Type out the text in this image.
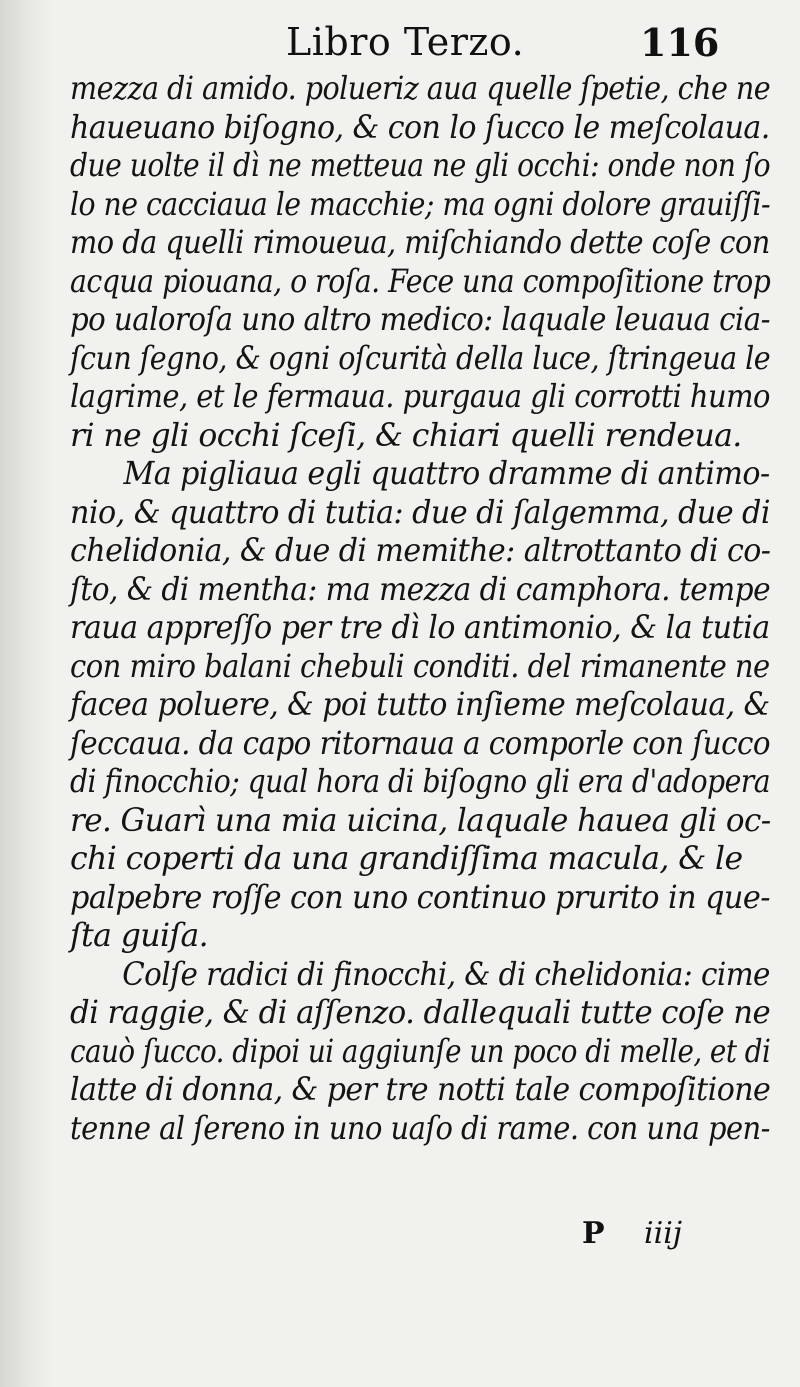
Libro Terzo.	116
mezza di amido. polueriz aua quelle ſpetie, che ne
haueuano biſogno, & con lo ſucco le meſcolaua.
due uolte il dì ne metteua ne gli occhi: onde non ſo
lo ne cacciaua le macchie; ma ogni dolore grauiſſi-
mo da quelli rimoueua, miſchiando dette coſe con
acqua piouana, o roſa. Fece una compoſitione trop
po ualoroſa uno altro medico: laquale leuaua cia-
ſcun ſegno, & ogni oſcurità della luce, ſtringeua le
lagrime, et le fermaua. purgaua gli corrotti humo
ri ne gli occhi ſceſi, & chiari quelli rendeua.
Ma pigliaua egli quattro dramme di antimo-
nio, & quattro di tutia: due di ſalgemma, due di
chelidonia, & due di memithe: altrottanto di co-
ſto, & di mentha: ma mezza di camphora. tempe
raua appreſſo per tre dì lo antimonio, & la tutia
con miro balani chebuli conditi. del rimanente ne
facea poluere, & poi tutto inſieme meſcolaua, &
ſeccaua. da capo ritornaua a comporle con ſucco
di finocchio; qual hora di biſogno gli era d'adopera
re. Guarì una mia uicina, laquale hauea gli oc-
chi coperti da una grandiſſima macula, & le
palpebre roſſe con uno continuo prurito in que-
ſta guiſa.
Colſe radici di finocchi, & di chelidonia: cime
di raggie, & di aſſenzo. dallequali tutte coſe ne
cauò ſucco. dipoi ui aggiunſe un poco di melle, et di
latte di donna, & per tre notti tale compoſitione
tenne al ſereno in uno uaſo di rame. con una pen-
P iiij
